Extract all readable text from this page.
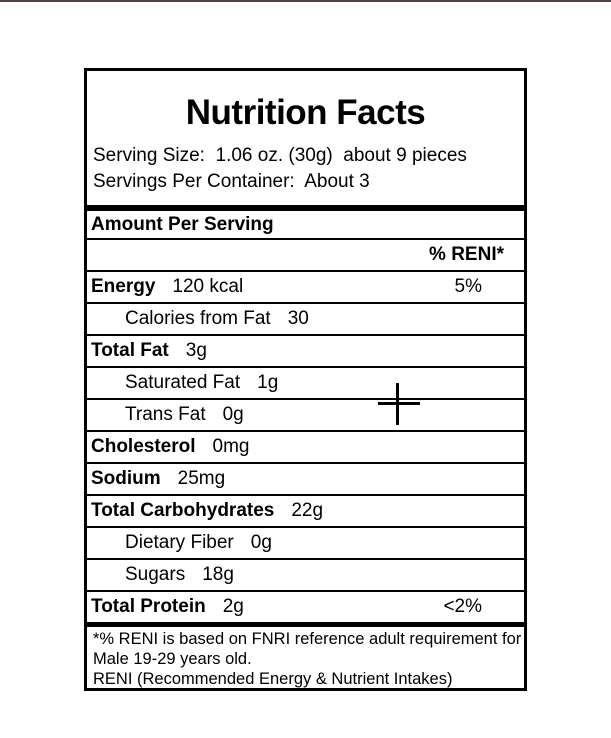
Nutrition Facts
Serving Size:  1.06 oz. (30g)  about 9 pieces
Servings Per Container:  About 3
Amount Per Serving
% RENI*
Energy 120 kcal	5%
Calories from Fat 30
Total Fat 3g
Saturated Fat 1g
Trans Fat 0g
Cholesterol 0mg
Sodium 25mg
Total Carbohydrates 22g
Dietary Fiber 0g
Sugars 18g
Total Protein 2g	<2%
*% RENI is based on FNRI reference adult requirement for
Male 19-29 years old.
RENI (Recommended Energy & Nutrient Intakes)
